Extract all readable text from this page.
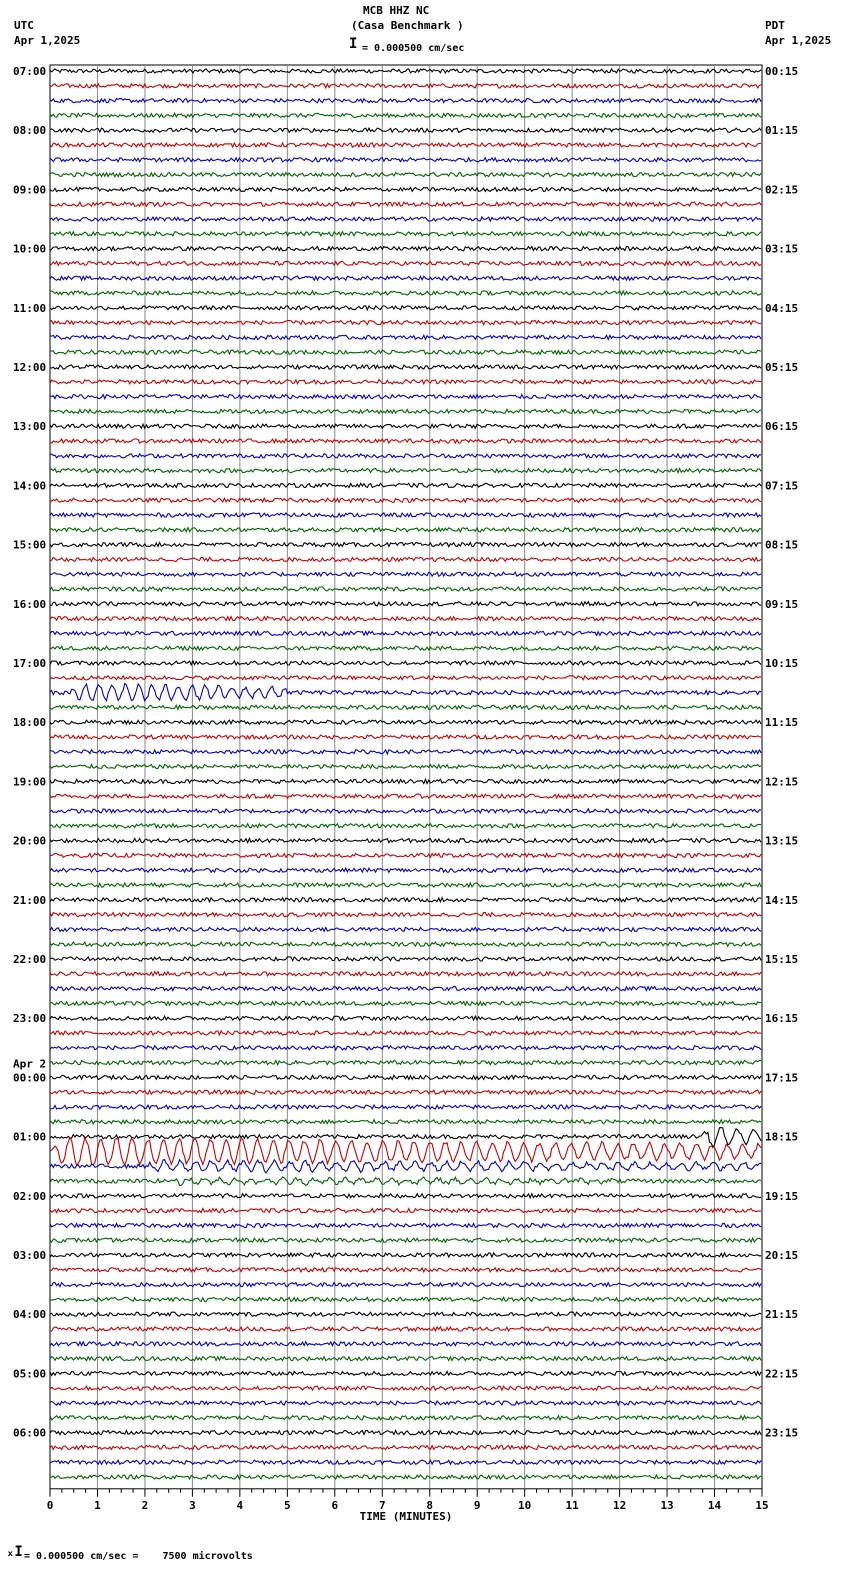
MCB HHZ NC
(Casa Benchmark )
I = 0.000500 cm/sec
UTC
Apr 1,2025
PDT
Apr 1,2025
07:00	00:15
08:00	01:15
09:00	02:15
10:00	03:15
11:00	04:15
12:00	05:15
13:00	06:15
14:00	07:15
15:00	08:15
16:00	09:15
17:00	10:15
18:00	11:15
19:00	12:15
20:00	13:15
21:00	14:15
22:00	15:15
23:00	16:15
00:00	17:15
01:00	18:15
02:00	19:15
03:00	20:15
04:00	21:15
05:00	22:15
06:00	23:15
Apr 2
0	1	2	3	4	5	6	7	8	9	10	11	12	13	14	15
TIME (MINUTES)
ₓI = 0.000500 cm/sec =    7500 microvolts
